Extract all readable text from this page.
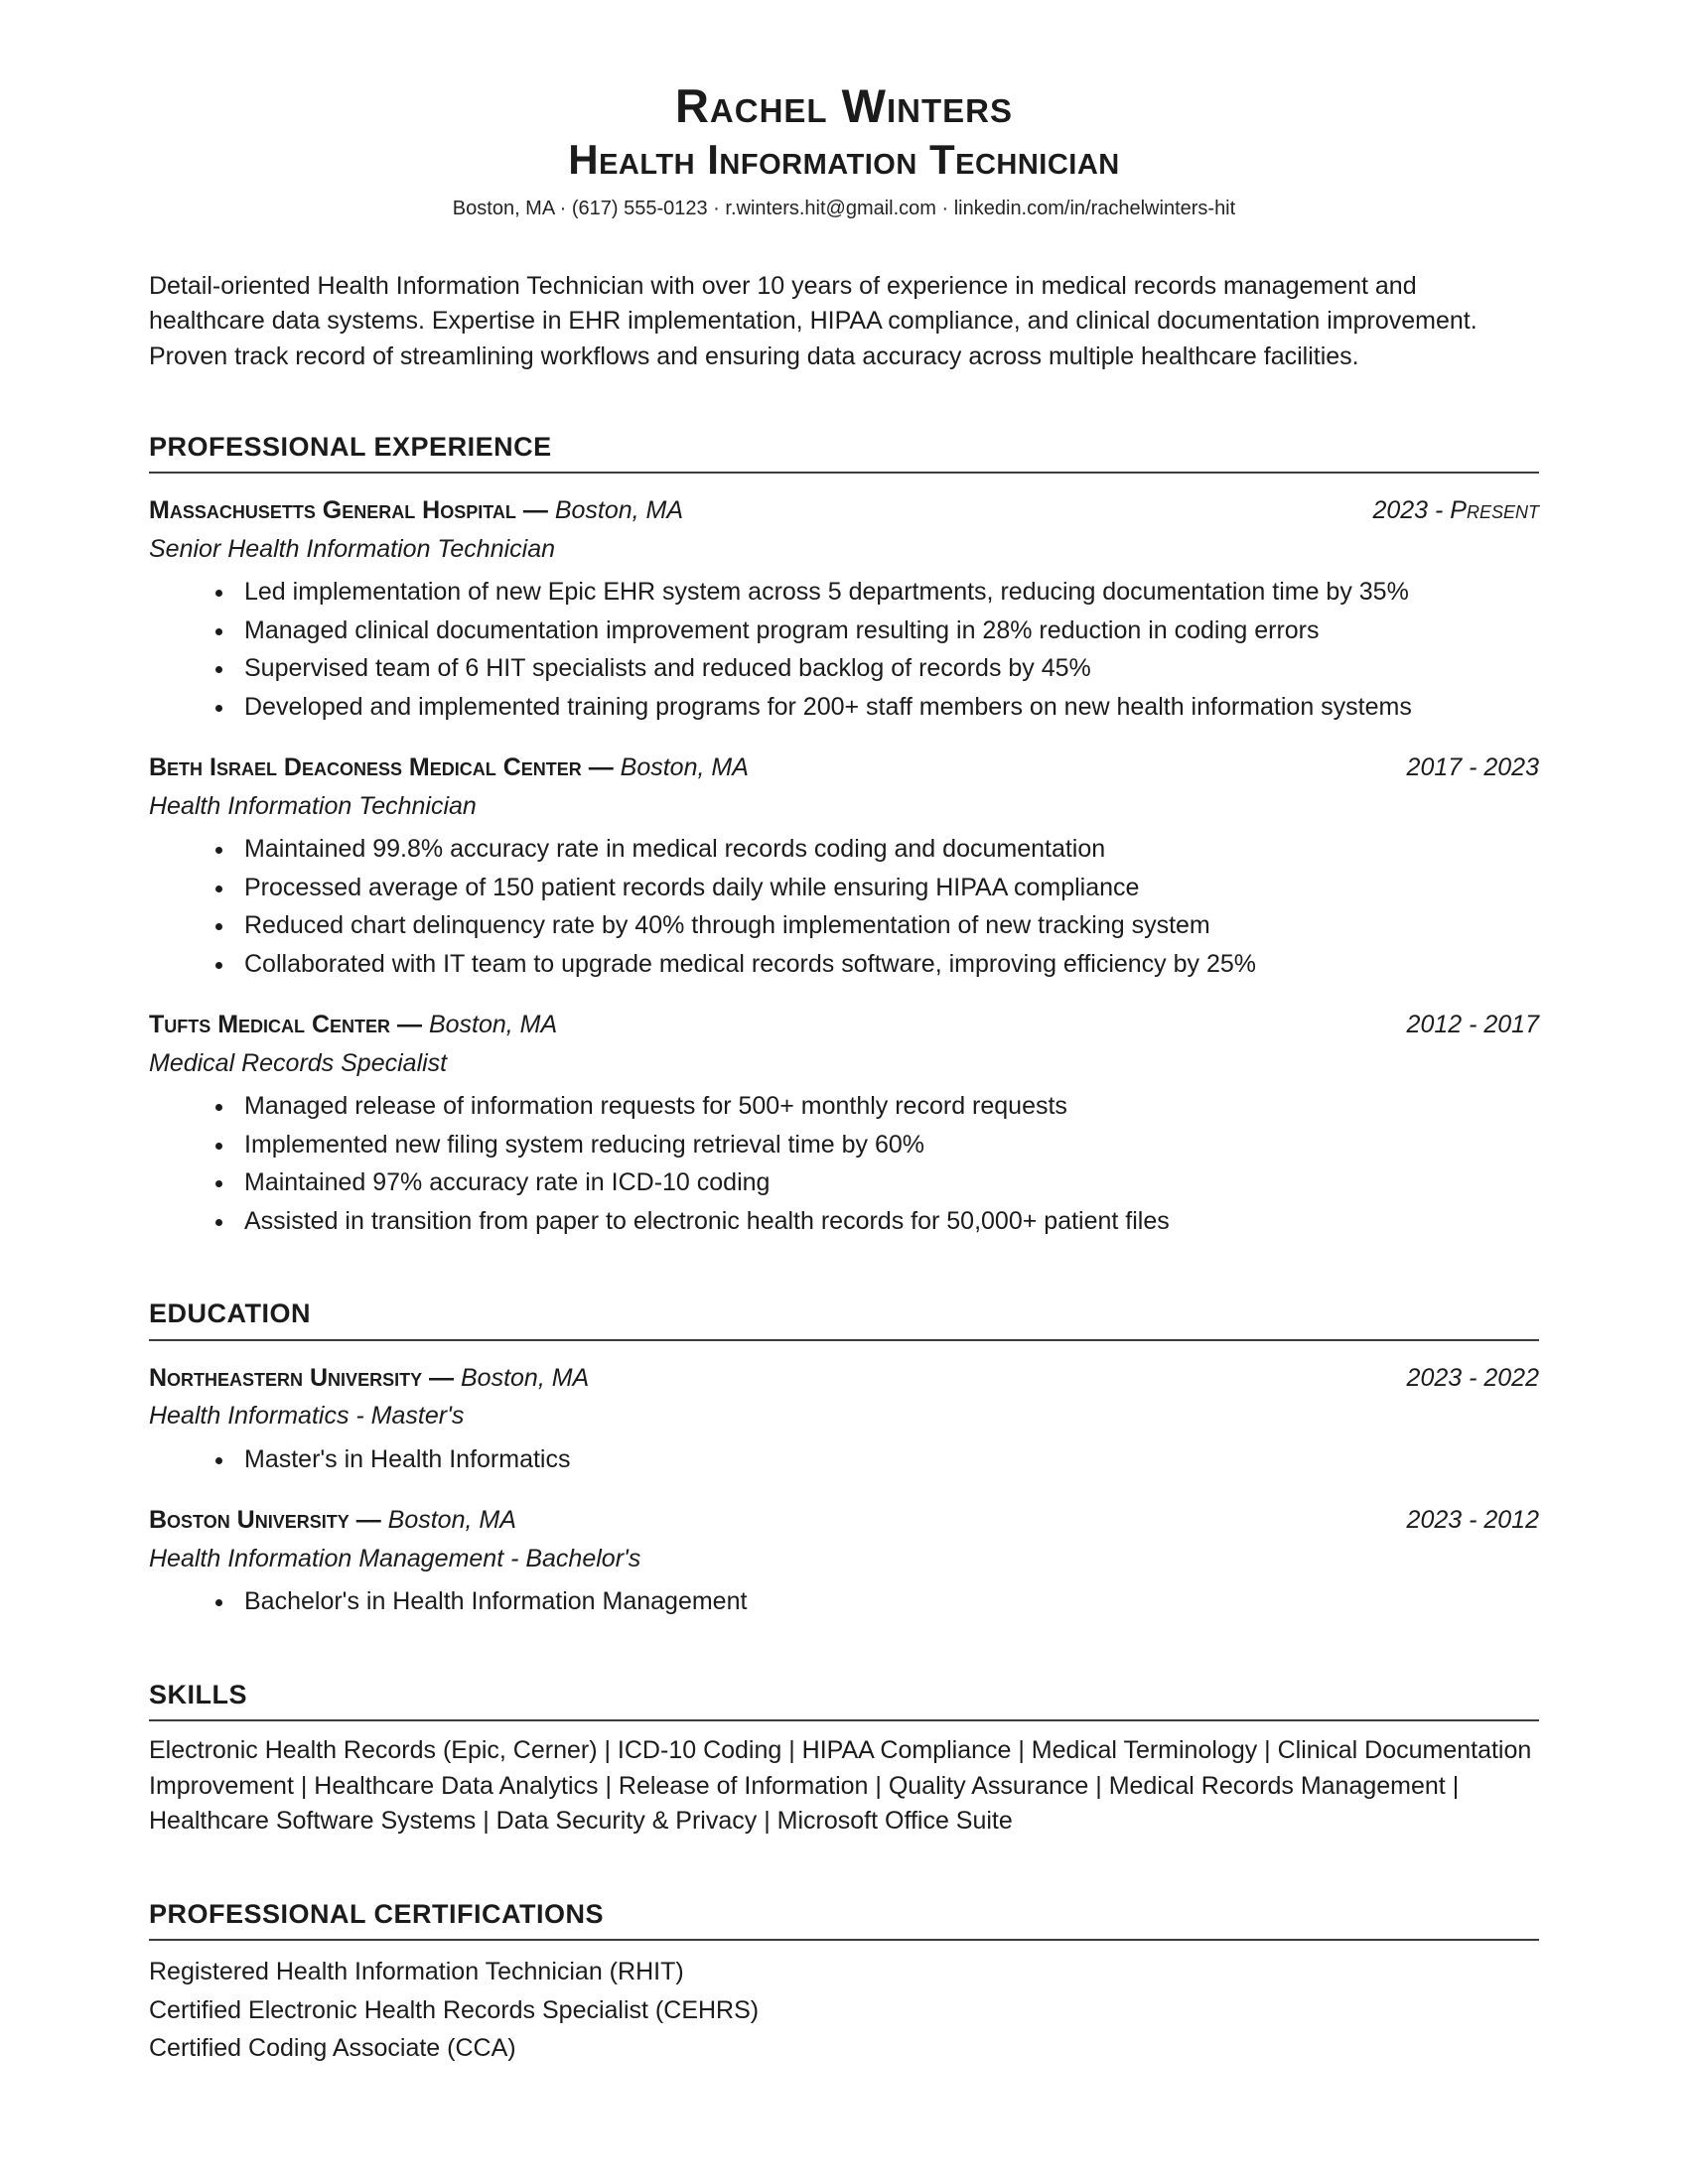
Rachel Winters
Health Information Technician
Boston, MA · (617) 555-0123 · r.winters.hit@gmail.com · linkedin.com/in/rachelwinters-hit

Detail-oriented Health Information Technician with over 10 years of experience in medical records management and healthcare data systems. Expertise in EHR implementation, HIPAA compliance, and clinical documentation improvement. Proven track record of streamlining workflows and ensuring data accuracy across multiple healthcare facilities.

PROFESSIONAL EXPERIENCE
Massachusetts General Hospital — Boston, MA	2023 - Present
Senior Health Information Technician
• Led implementation of new Epic EHR system across 5 departments, reducing documentation time by 35%
• Managed clinical documentation improvement program resulting in 28% reduction in coding errors
• Supervised team of 6 HIT specialists and reduced backlog of records by 45%
• Developed and implemented training programs for 200+ staff members on new health information systems
Beth Israel Deaconess Medical Center — Boston, MA	2017 - 2023
Health Information Technician
• Maintained 99.8% accuracy rate in medical records coding and documentation
• Processed average of 150 patient records daily while ensuring HIPAA compliance
• Reduced chart delinquency rate by 40% through implementation of new tracking system
• Collaborated with IT team to upgrade medical records software, improving efficiency by 25%
Tufts Medical Center — Boston, MA	2012 - 2017
Medical Records Specialist
• Managed release of information requests for 500+ monthly record requests
• Implemented new filing system reducing retrieval time by 60%
• Maintained 97% accuracy rate in ICD-10 coding
• Assisted in transition from paper to electronic health records for 50,000+ patient files
EDUCATION
Northeastern University — Boston, MA	2023 - 2022
Health Informatics - Master's
• Master's in Health Informatics
Boston University — Boston, MA	2023 - 2012
Health Information Management - Bachelor's
• Bachelor's in Health Information Management
SKILLS

Electronic Health Records (Epic, Cerner) | ICD-10 Coding | HIPAA Compliance | Medical Terminology | Clinical Documentation Improvement | Healthcare Data Analytics | Release of Information | Quality Assurance | Medical Records Management | Healthcare Software Systems | Data Security & Privacy | Microsoft Office Suite

PROFESSIONAL CERTIFICATIONS
Registered Health Information Technician (RHIT)
Certified Electronic Health Records Specialist (CEHRS)
Certified Coding Associate (CCA)
